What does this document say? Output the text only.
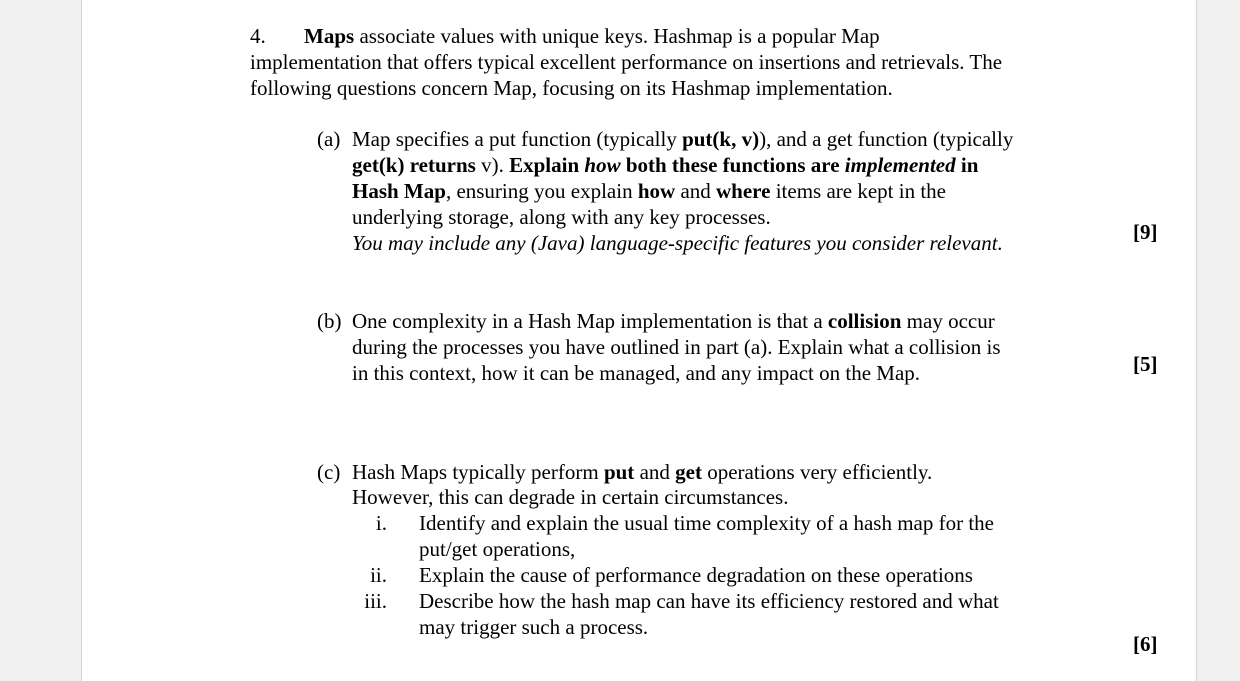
4. Maps associate values with unique keys. Hashmap is a popular Map
implementation that offers typical excellent performance on insertions and retrievals. The
following questions concern Map, focusing on its Hashmap implementation.
(a) Map specifies a put function (typically put(k, v)), and a get function (typically
get(k) returns v). Explain how both these functions are implemented in
Hash Map, ensuring you explain how and where items are kept in the
underlying storage, along with any key processes.
You may include any (Java) language-specific features you consider relevant.	[9]
(b) One complexity in a Hash Map implementation is that a collision may occur
during the processes you have outlined in part (a). Explain what a collision is
in this context, how it can be managed, and any impact on the Map.	[5]
(c) Hash Maps typically perform put and get operations very efficiently.
However, this can degrade in certain circumstances.
i. Identify and explain the usual time complexity of a hash map for the
put/get operations,
ii. Explain the cause of performance degradation on these operations
iii. Describe how the hash map can have its efficiency restored and what
may trigger such a process.
[6]
